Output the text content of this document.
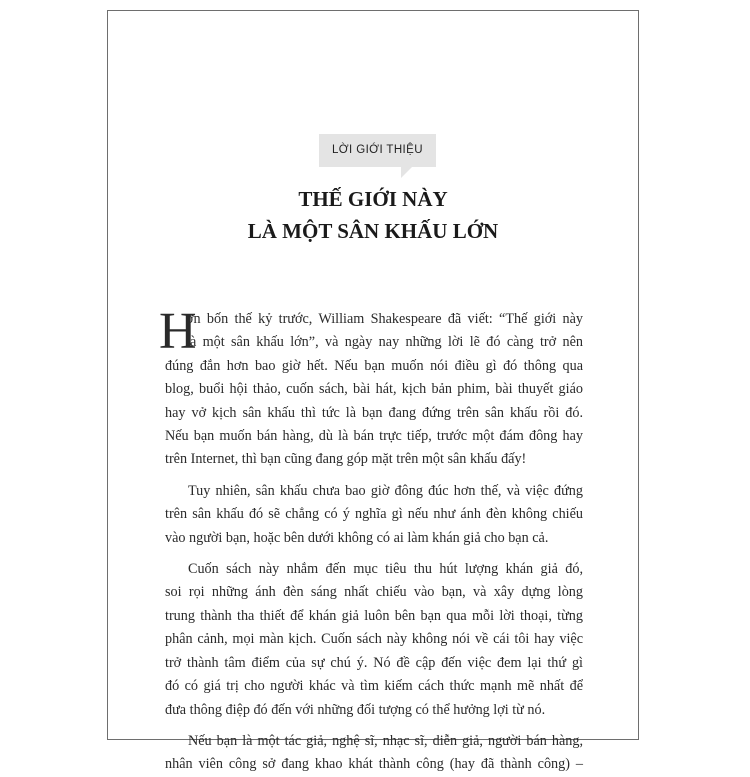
LỜI GIỚI THIỆU
THẾ GIỚI NÀY
LÀ MỘT SÂN KHẤU LỚN

H
ơn bốn thế kỷ trước, William Shakespeare đã viết: “Thế giới này
là một sân khấu lớn”, và ngày nay những lời lẽ đó càng trở nên
đúng đắn hơn bao giờ hết. Nếu bạn muốn nói điều gì đó thông qua
blog, buổi hội thảo, cuốn sách, bài hát, kịch bản phim, bài thuyết giáo
hay vở kịch sân khấu thì tức là bạn đang đứng trên sân khấu rồi đó.
Nếu bạn muốn bán hàng, dù là bán trực tiếp, trước một đám đông hay
trên Internet, thì bạn cũng đang góp mặt trên một sân khấu đấy!

Tuy nhiên, sân khấu chưa bao giờ đông đúc hơn thế, và việc đứng
trên sân khấu đó sẽ chẳng có ý nghĩa gì nếu như ánh đèn không chiếu
vào người bạn, hoặc bên dưới không có ai làm khán giả cho bạn cả.

Cuốn sách này nhắm đến mục tiêu thu hút lượng khán giả đó,
soi rọi những ánh đèn sáng nhất chiếu vào bạn, và xây dựng lòng
trung thành tha thiết để khán giả luôn bên bạn qua mỗi lời thoại, từng
phân cảnh, mọi màn kịch. Cuốn sách này không nói về cái tôi hay việc
trở thành tâm điểm của sự chú ý. Nó đề cập đến việc đem lại thứ gì
đó có giá trị cho người khác và tìm kiếm cách thức mạnh mẽ nhất để
đưa thông điệp đó đến với những đối tượng có thể hưởng lợi từ nó.

Nếu bạn là một tác giả, nghệ sĩ, nhạc sĩ, diễn giả, người bán hàng,
nhân viên công sở đang khao khát thành công (hay đã thành công) –
